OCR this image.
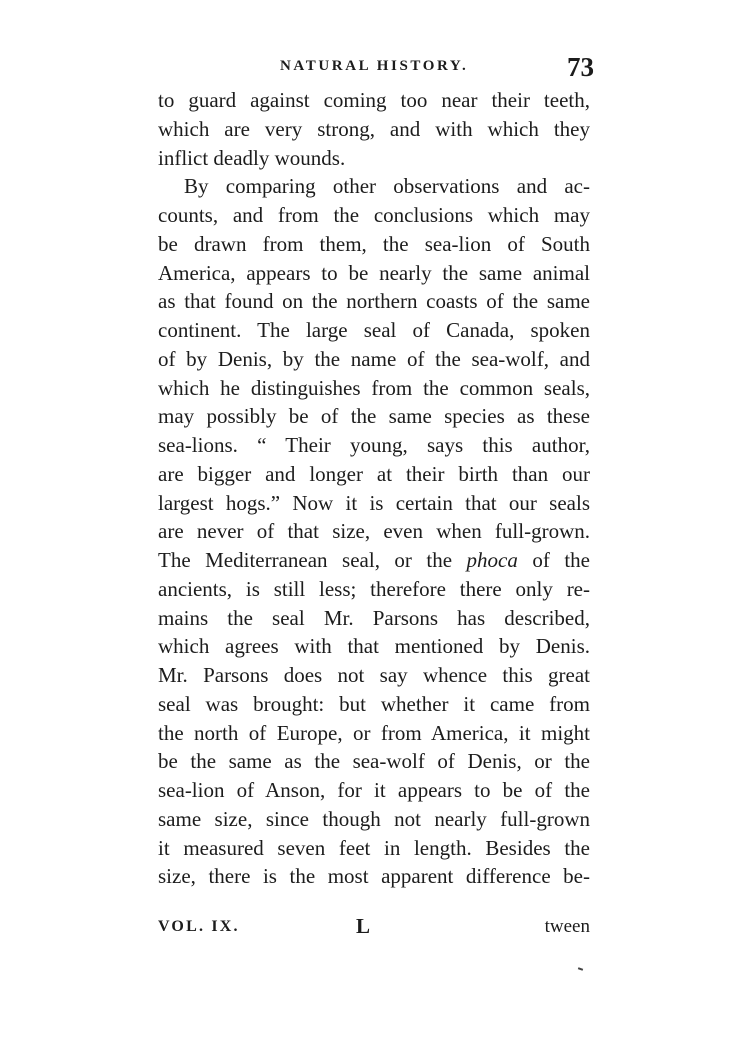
NATURAL HISTORY.	73
to guard against coming too near their teeth,
which are very strong, and with which they
inflict deadly wounds.
By comparing other observations and ac-
counts, and from the conclusions which may
be drawn from them, the sea-lion of South
America, appears to be nearly the same animal
as that found on the northern coasts of the same
continent. The large seal of Canada, spoken
of by Denis, by the name of the sea-wolf, and
which he distinguishes from the common seals,
may possibly be of the same species as these
sea-lions. “ Their young, says this author,
are bigger and longer at their birth than our
largest hogs.” Now it is certain that our seals
are never of that size, even when full-grown.
The Mediterranean seal, or the phoca of the
ancients, is still less; therefore there only re-
mains the seal Mr. Parsons has described,
which agrees with that mentioned by Denis.
Mr. Parsons does not say whence this great
seal was brought: but whether it came from
the north of Europe, or from America, it might
be the same as the sea-wolf of Denis, or the
sea-lion of Anson, for it appears to be of the
same size, since though not nearly full-grown
it measured seven feet in length. Besides the
size, there is the most apparent difference be-
VOL. IX.	L	tween
